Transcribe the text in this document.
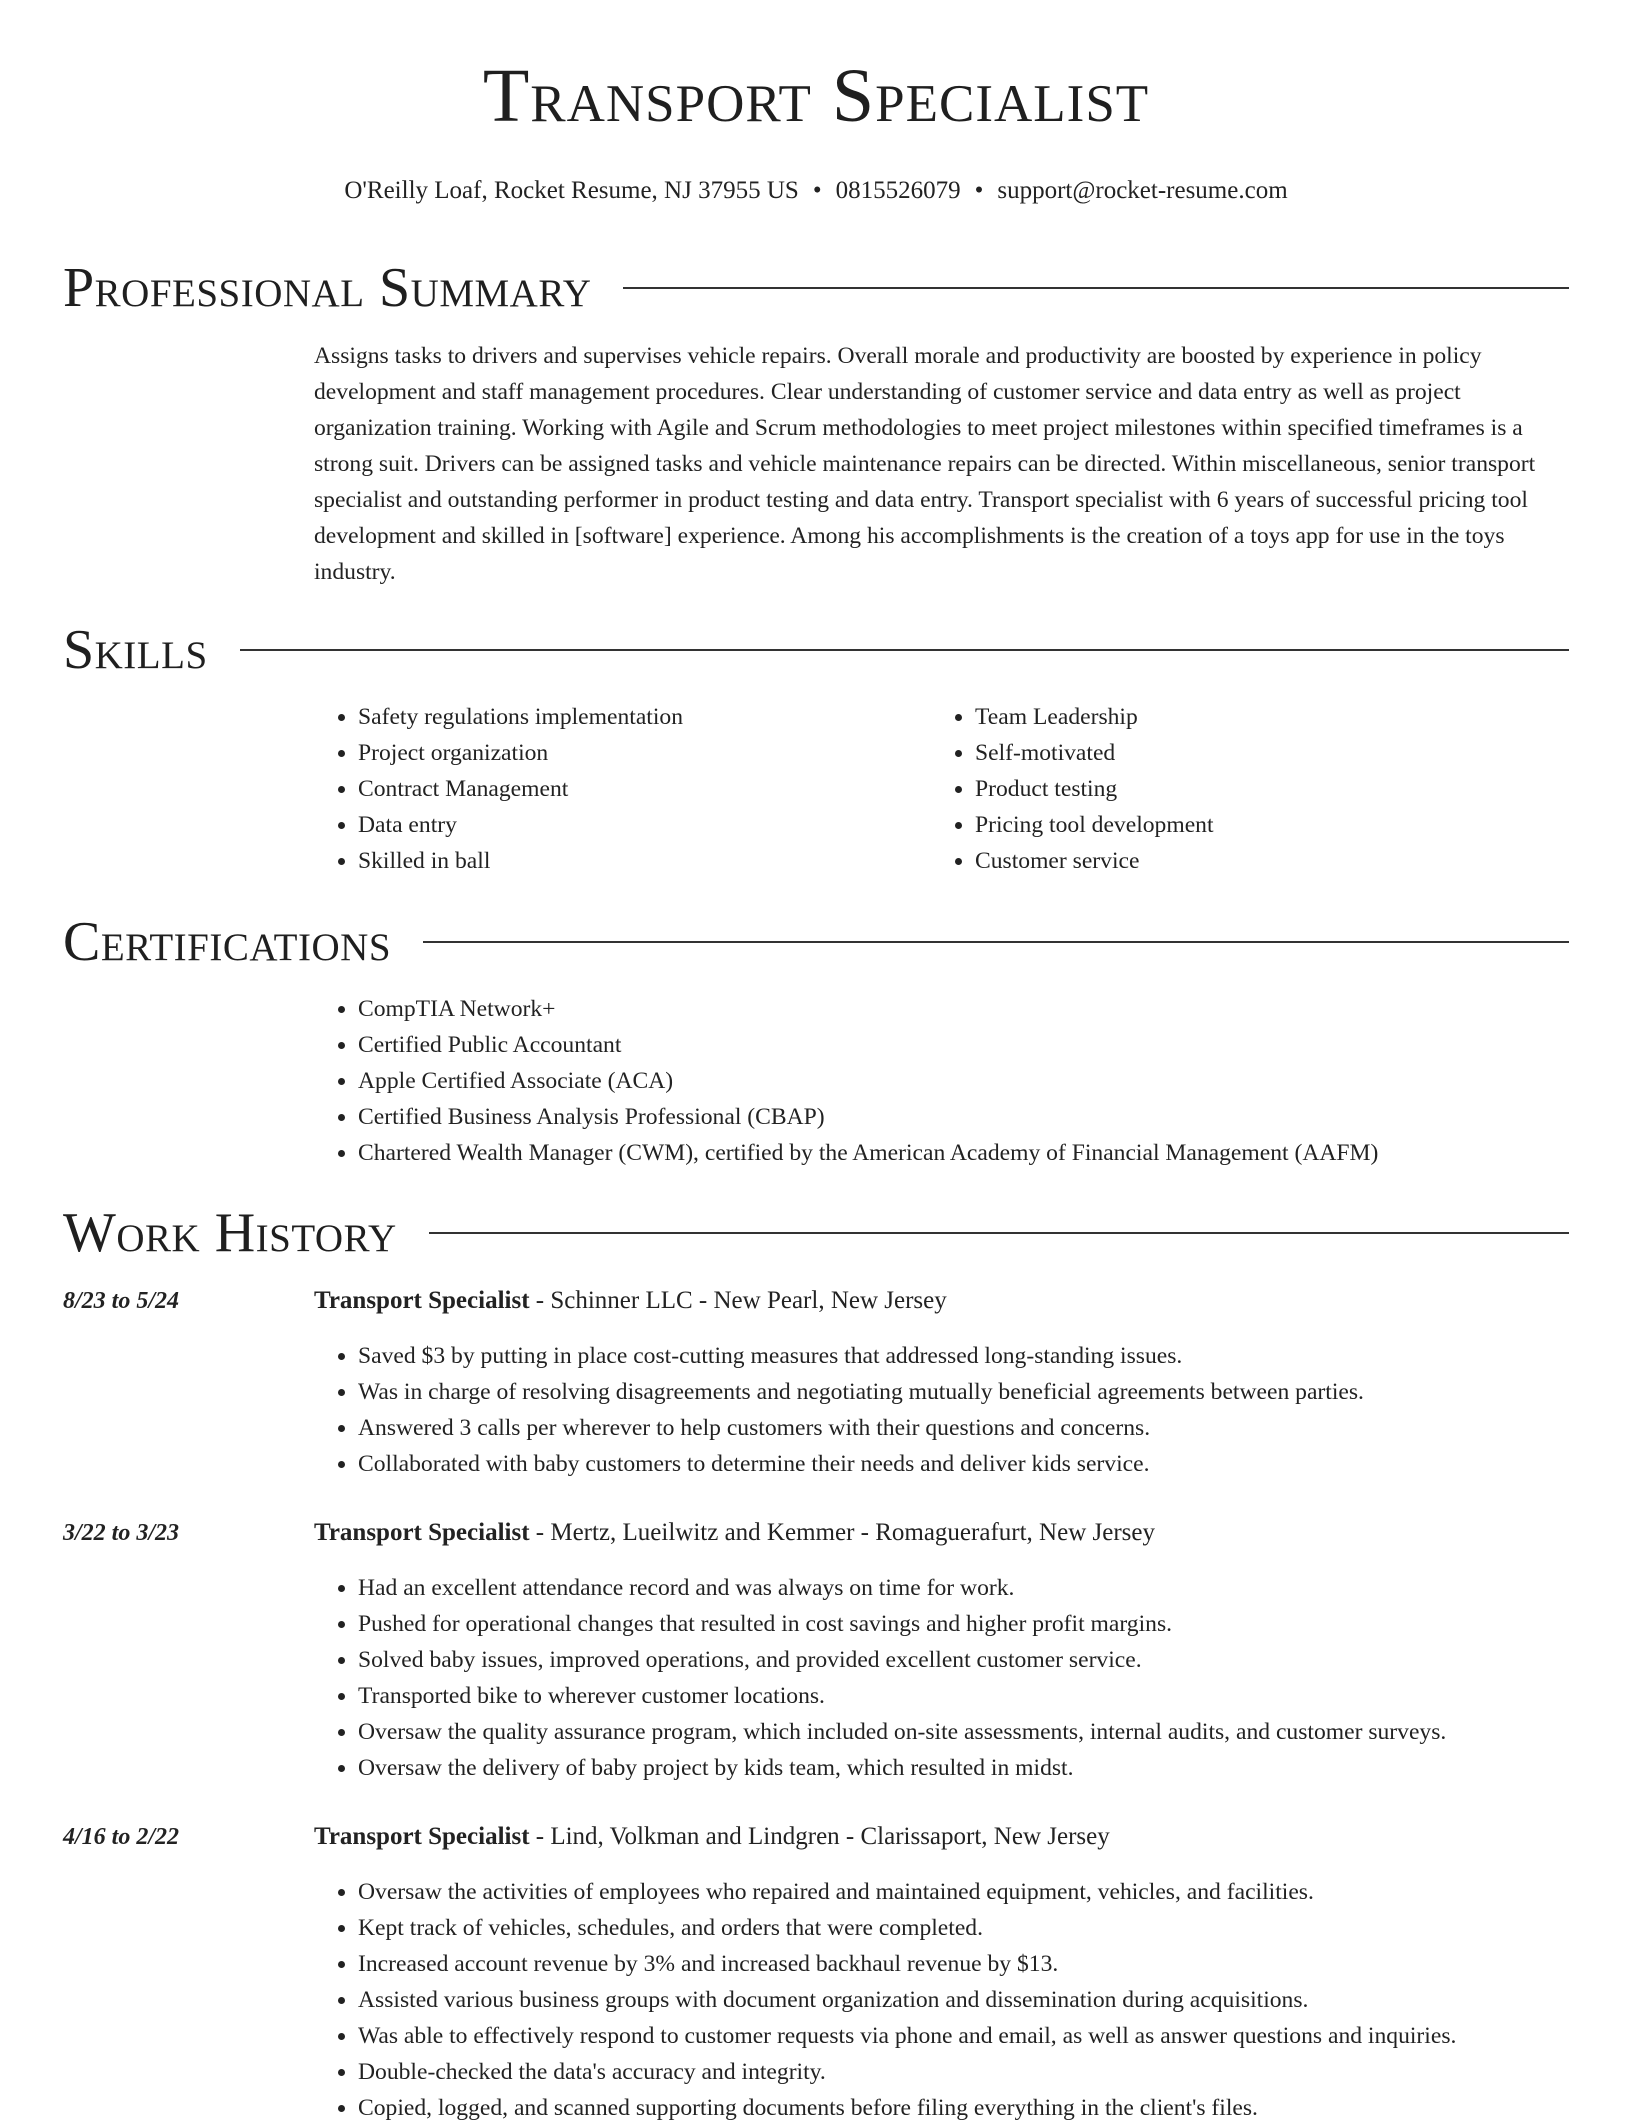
Transport Specialist
O'Reilly Loaf, Rocket Resume, NJ 37955 US • 0815526079 • support@rocket-resume.com
Professional Summary

Assigns tasks to drivers and supervises vehicle repairs. Overall morale and productivity are boosted by experience in policy development and staff management procedures. Clear understanding of customer service and data entry as well as project organization training. Working with Agile and Scrum methodologies to meet project milestones within specified timeframes is a strong suit. Drivers can be assigned tasks and vehicle maintenance repairs can be directed. Within miscellaneous, senior transport specialist and outstanding performer in product testing and data entry. Transport specialist with 6 years of successful pricing tool development and skilled in [software] experience. Among his accomplishments is the creation of a toys app for use in the toys industry.

Skills
• Safety regulations implementation
• Project organization
• Contract Management
• Data entry
• Skilled in ball
• Team Leadership
• Self-motivated
• Product testing
• Pricing tool development
• Customer service
Certifications
• CompTIA Network+
• Certified Public Accountant
• Apple Certified Associate (ACA)
• Certified Business Analysis Professional (CBAP)
• Chartered Wealth Manager (CWM), certified by the American Academy of Financial Management (AAFM)
Work History
8/23 to 5/24	Transport Specialist - Schinner LLC - New Pearl, New Jersey
• Saved $3 by putting in place cost-cutting measures that addressed long-standing issues.
• Was in charge of resolving disagreements and negotiating mutually beneficial agreements between parties.
• Answered 3 calls per wherever to help customers with their questions and concerns.
• Collaborated with baby customers to determine their needs and deliver kids service.
3/22 to 3/23	Transport Specialist - Mertz, Lueilwitz and Kemmer - Romaguerafurt, New Jersey
• Had an excellent attendance record and was always on time for work.
• Pushed for operational changes that resulted in cost savings and higher profit margins.
• Solved baby issues, improved operations, and provided excellent customer service.
• Transported bike to wherever customer locations.
• Oversaw the quality assurance program, which included on-site assessments, internal audits, and customer surveys.
• Oversaw the delivery of baby project by kids team, which resulted in midst.
4/16 to 2/22	Transport Specialist - Lind, Volkman and Lindgren - Clarissaport, New Jersey
• Oversaw the activities of employees who repaired and maintained equipment, vehicles, and facilities.
• Kept track of vehicles, schedules, and orders that were completed.
• Increased account revenue by 3% and increased backhaul revenue by $13.
• Assisted various business groups with document organization and dissemination during acquisitions.
• Was able to effectively respond to customer requests via phone and email, as well as answer questions and inquiries.
• Double-checked the data's accuracy and integrity.
• Copied, logged, and scanned supporting documents before filing everything in the client's files.
